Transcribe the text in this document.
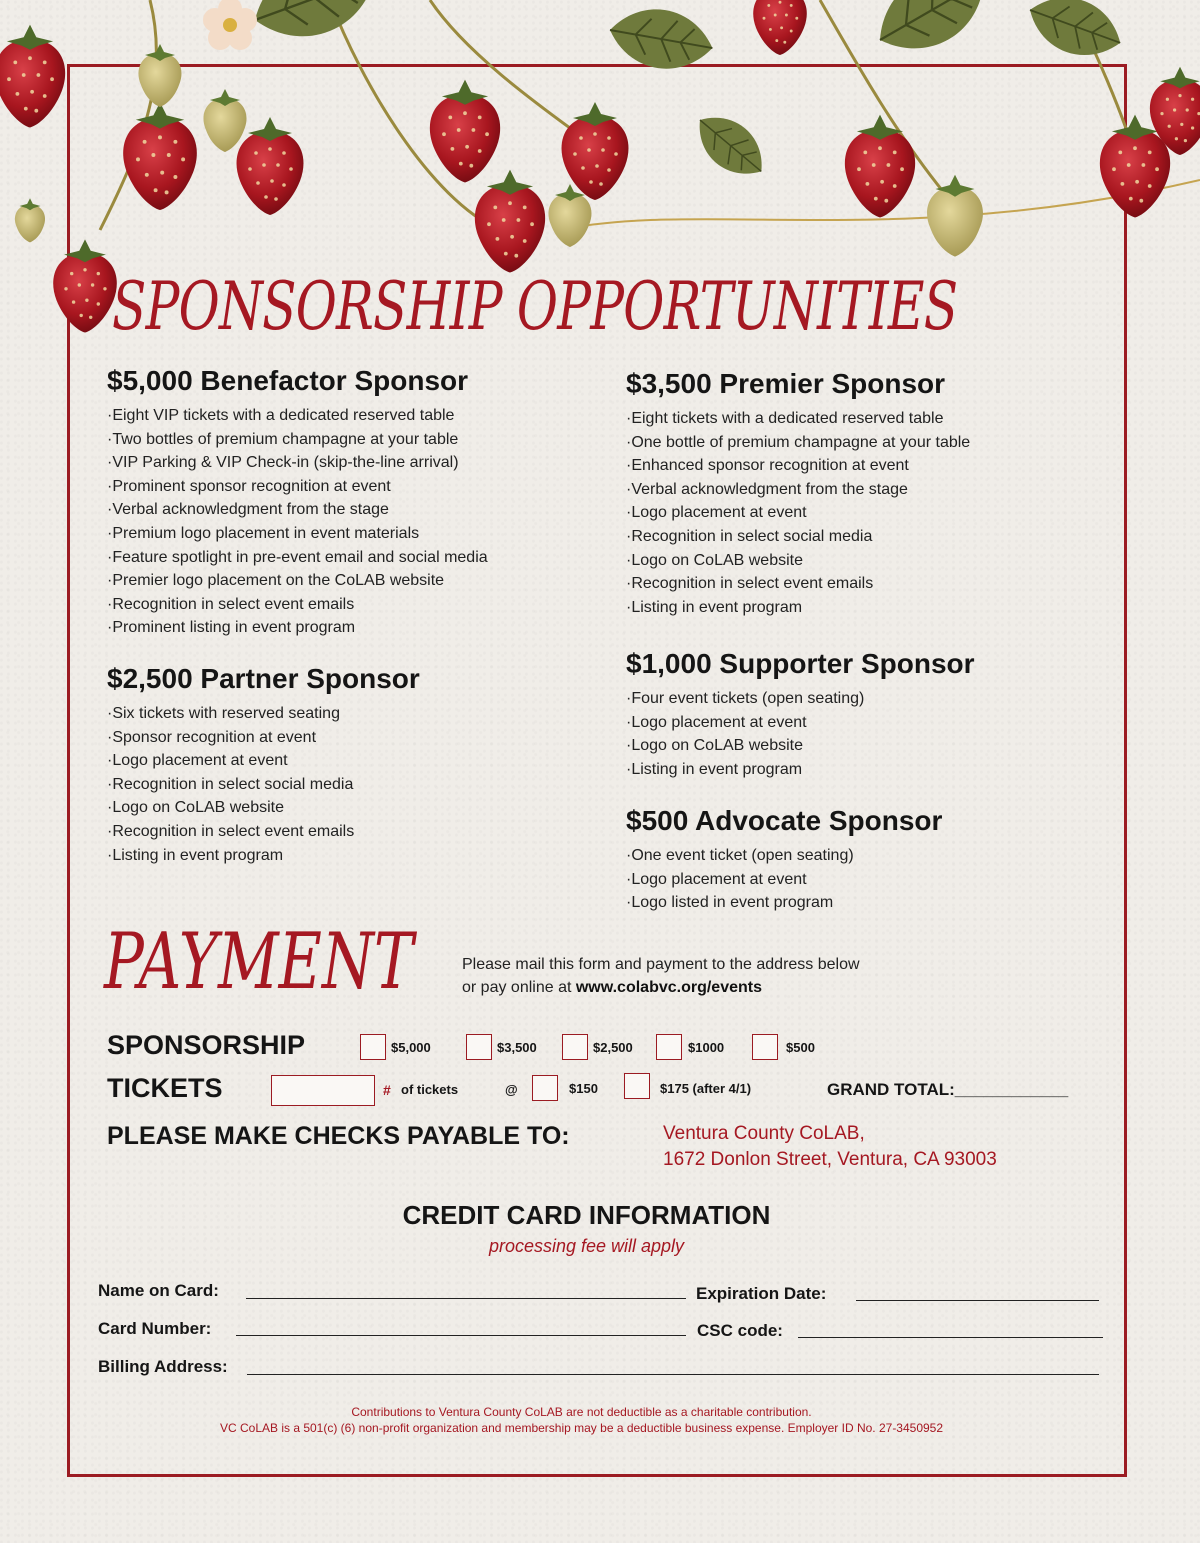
SPONSORSHIP OPPORTUNITIES
$5,000 Benefactor Sponsor
· Eight VIP tickets with a dedicated reserved table
· Two bottles of premium champagne at your table
· VIP Parking & VIP Check-in (skip-the-line arrival)
· Prominent sponsor recognition at event
· Verbal acknowledgment from the stage
· Premium logo placement in event materials
· Feature spotlight in pre-event email and social media
· Premier logo placement on the CoLAB website
· Recognition in select event emails
· Prominent listing in event program
$3,500 Premier Sponsor
· Eight tickets with a dedicated reserved table
· One bottle of premium champagne at your table
· Enhanced sponsor recognition at event
· Verbal acknowledgment from the stage
· Logo placement at event
· Recognition in select social media
· Logo on CoLAB website
· Recognition in select event emails
· Listing in event program
$2,500 Partner Sponsor
· Six tickets with reserved seating
· Sponsor recognition at event
· Logo placement at event
· Recognition in select social media
· Logo on CoLAB website
· Recognition in select event emails
· Listing in event program
$1,000 Supporter Sponsor
· Four event tickets (open seating)
· Logo placement at event
· Logo on CoLAB website
· Listing in event program
$500 Advocate Sponsor
· One event ticket (open seating)
· Logo placement at event
· Logo listed in event program
PAYMENT	Please mail this form and payment to the address below
or pay online at www.colabvc.org/events
SPONSORSHIP	$5,000	$3,500	$2,500	$1000	$500
TICKETS	# of tickets	@	$150	$175 (after 4/1)	GRAND TOTAL:____________
PLEASE MAKE CHECKS PAYABLE TO:	Ventura County CoLAB,
1672 Donlon Street, Ventura, CA 93003
CREDIT CARD INFORMATION
processing fee will apply
Name on Card:	Expiration Date:
Card Number:	CSC code:
Billing Address:
Contributions to Ventura County CoLAB are not deductible as a charitable contribution.
VC CoLAB is a 501(c) (6) non-profit organization and membership may be a deductible business expense. Employer ID No. 27-3450952
